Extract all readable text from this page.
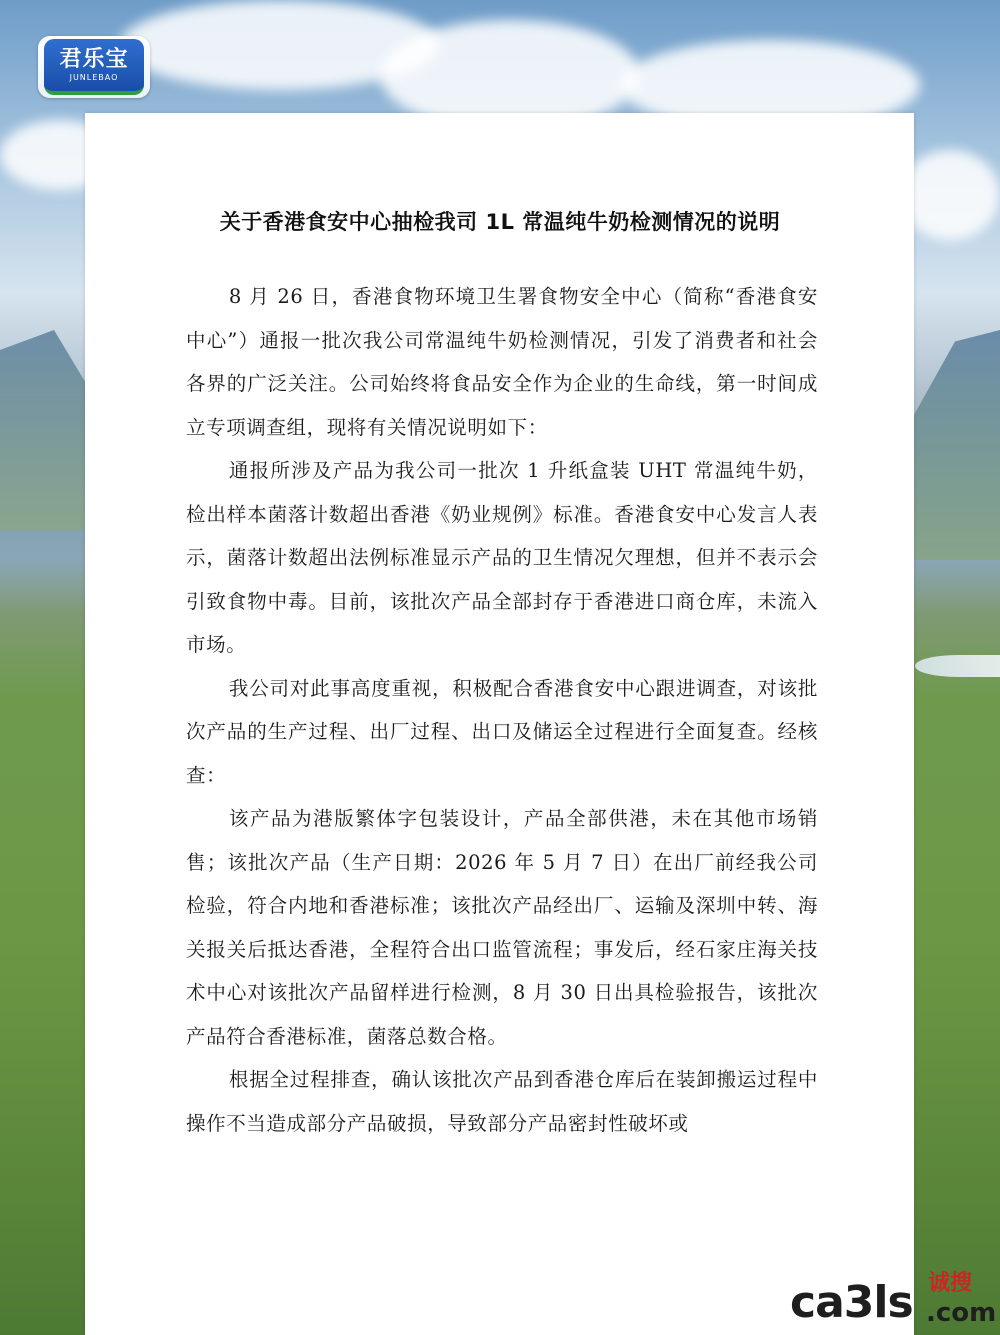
君乐宝
JUNLEBAO
关于香港食安中心抽检我司 1L 常温纯牛奶检测情况的说明

8 月 26 日，香港食物环境卫生署食物安全中心（简称“香港食安中心”）通报一批次我公司常温纯牛奶检测情况，引发了消费者和社会各界的广泛关注。公司始终将食品安全作为企业的生命线，第一时间成立专项调查组，现将有关情况说明如下：

通报所涉及产品为我公司一批次 1 升纸盒装 UHT 常温纯牛奶，检出样本菌落计数超出香港《奶业规例》标准。香港食安中心发言人表示，菌落计数超出法例标准显示产品的卫生情况欠理想，但并不表示会引致食物中毒。目前，该批次产品全部封存于香港进口商仓库，未流入市场。

我公司对此事高度重视，积极配合香港食安中心跟进调查，对该批次产品的生产过程、出厂过程、出口及储运全过程进行全面复查。经核查：

该产品为港版繁体字包装设计，产品全部供港，未在其他市场销售；该批次产品（生产日期：2026 年 5 月 7 日）在出厂前经我公司检验，符合内地和香港标准；该批次产品经出厂、运输及深圳中转、海关报关后抵达香港，全程符合出口监管流程；事发后，经石家庄海关技术中心对该批次产品留样进行检测，8 月 30 日出具检验报告，该批次产品符合香港标准，菌落总数合格。

根据全过程排查，确认该批次产品到香港仓库后在装卸搬运过程中操作不当造成部分产品破损，导致部分产品密封性破坏或

ca3ls 诚搜
.com
